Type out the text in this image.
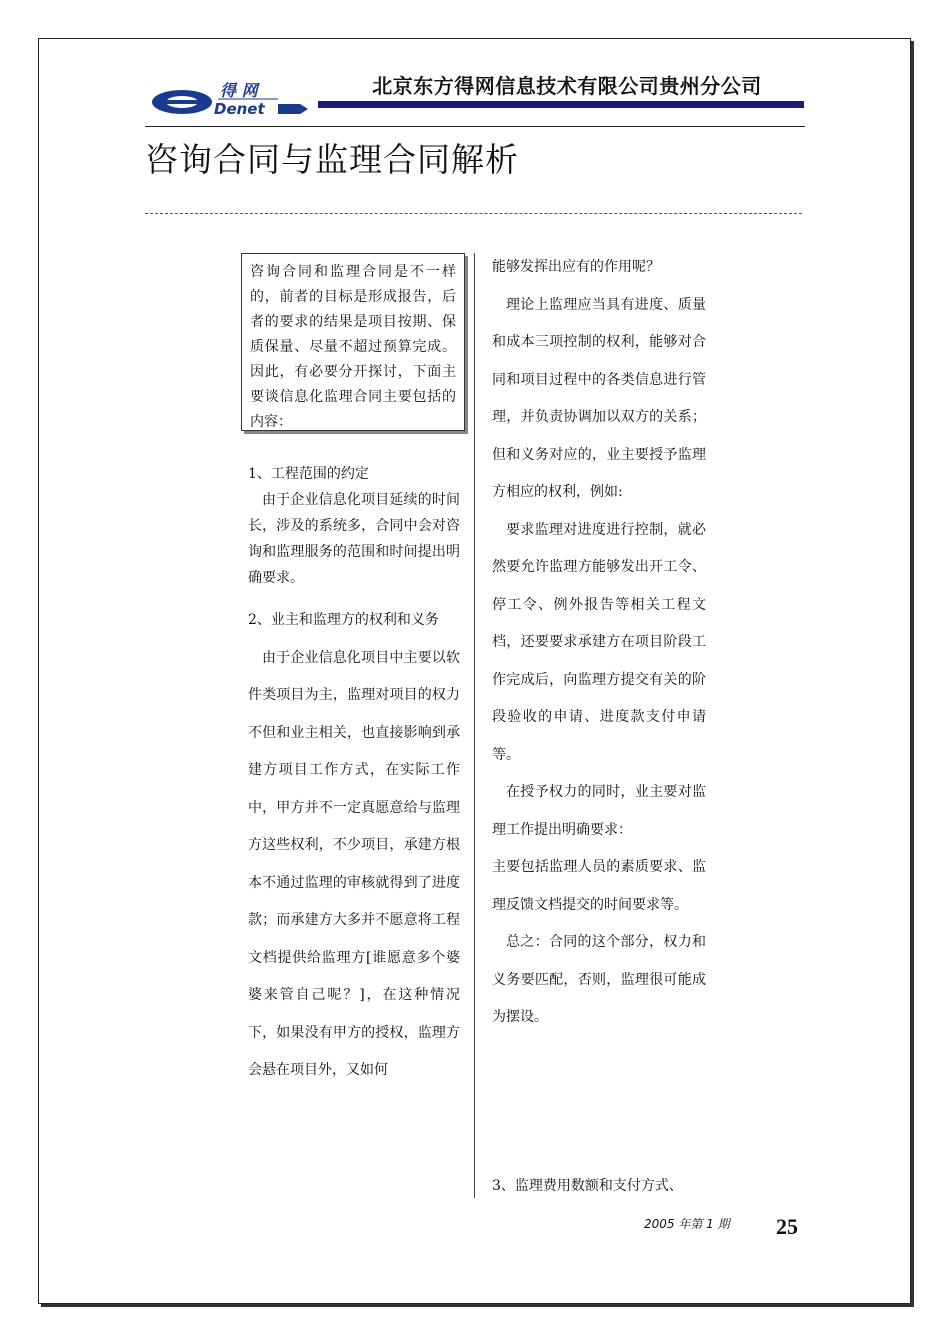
得 网
Denet
北京东方得网信息技术有限公司贵州分公司
咨询合同与监理合同解析
咨询合同和监理合同是不一样的，前者的目标是形成报告，后者的要求的结果是项目按期、保质保量、尽量不超过预算完成。因此，有必要分开探讨，下面主要谈信息化监理合同主要包括的内容：

1、工程范围的约定

由于企业信息化项目延续的时间长，涉及的系统多，合同中会对咨询和监理服务的范围和时间提出明确要求。

2、业主和监理方的权利和义务

由于企业信息化项目中主要以软件类项目为主，监理对项目的权力不但和业主相关，也直接影响到承建方项目工作方式，在实际工作中，甲方并不一定真愿意给与监理方这些权利，不少项目，承建方根本不通过监理的审核就得到了进度款；而承建方大多并不愿意将工程文档提供给监理方[谁愿意多个婆婆来管自己呢？]，在这种情况下，如果没有甲方的授权，监理方会悬在项目外，又如何

能够发挥出应有的作用呢？

理论上监理应当具有进度、质量和成本三项控制的权利，能够对合同和项目过程中的各类信息进行管理，并负责协调加以双方的关系；但和义务对应的，业主要授予监理方相应的权利，例如:

要求监理对进度进行控制，就必然要允许监理方能够发出开工令、停工令、例外报告等相关工程文档，还要要求承建方在项目阶段工作完成后，向监理方提交有关的阶段验收的申请、进度款支付申请等。

在授予权力的同时，业主要对监理工作提出明确要求：

主要包括监理人员的素质要求、监理反馈文档提交的时间要求等。

总之：合同的这个部分，权力和义务要匹配，否则，监理很可能成为摆设。

3、监理费用数额和支付方式、
2005 年第 1 期 25
